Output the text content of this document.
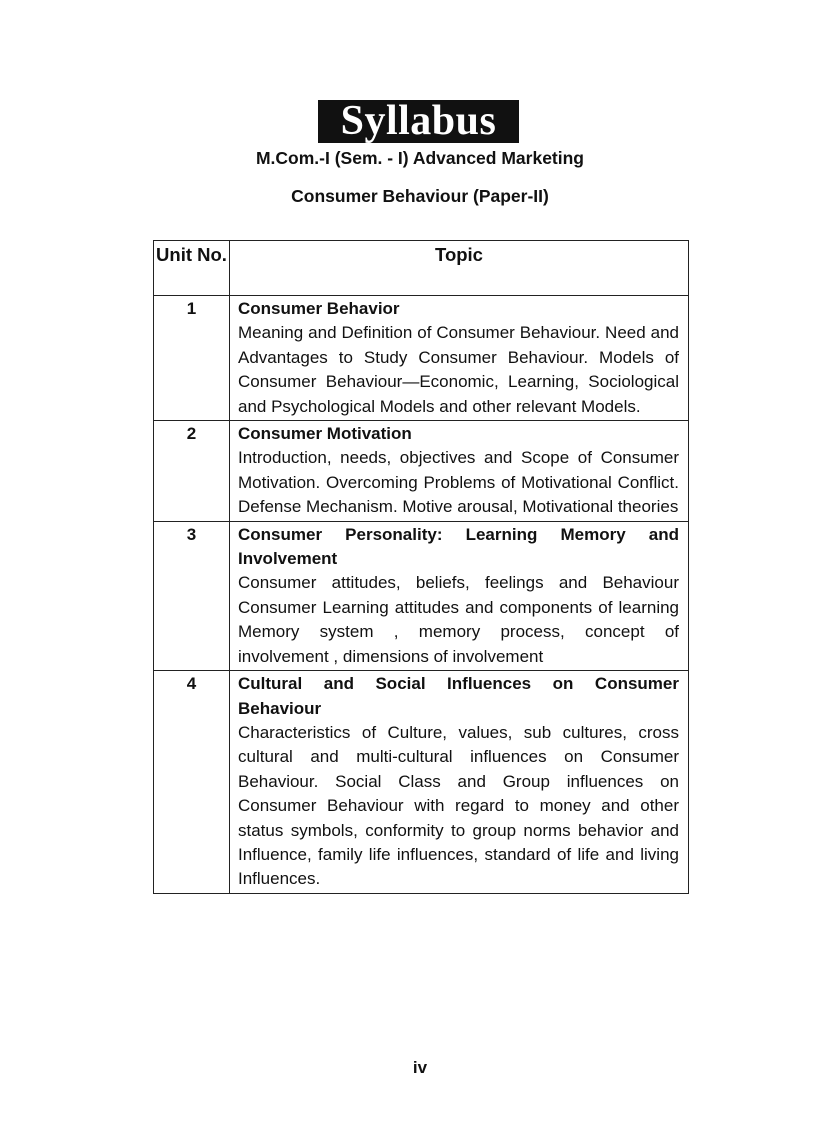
Syllabus
M.Com.-I (Sem. - I) Advanced Marketing
Consumer Behaviour (Paper-II)
Unit No.	Topic
1	Consumer Behavior
Meaning and Definition of Consumer Behaviour. Need and Advantages to Study Consumer Behaviour. Models of Consumer Behaviour—Economic, Learning, Sociological and Psychological Models and other relevant Models.

2	Consumer Motivation
Introduction, needs, objectives and Scope of Consumer Motivation. Overcoming Problems of Motivational Conflict. Defense Mechanism. Motive arousal, Motivational theories

3	Consumer Personality: Learning Memory and Involvement
Consumer attitudes, beliefs, feelings and Behaviour Consumer Learning attitudes and components of learning Memory system , memory process, concept of involvement , dimensions of involvement

4	Cultural and Social Influences on Consumer Behaviour
Characteristics of Culture, values, sub cultures, cross cultural and multi-cultural influences on Consumer Behaviour. Social Class and Group influences on Consumer Behaviour with regard to money and other status symbols, conformity to group norms behavior and Influence, family life influences, standard of life and living Influences.
iv
